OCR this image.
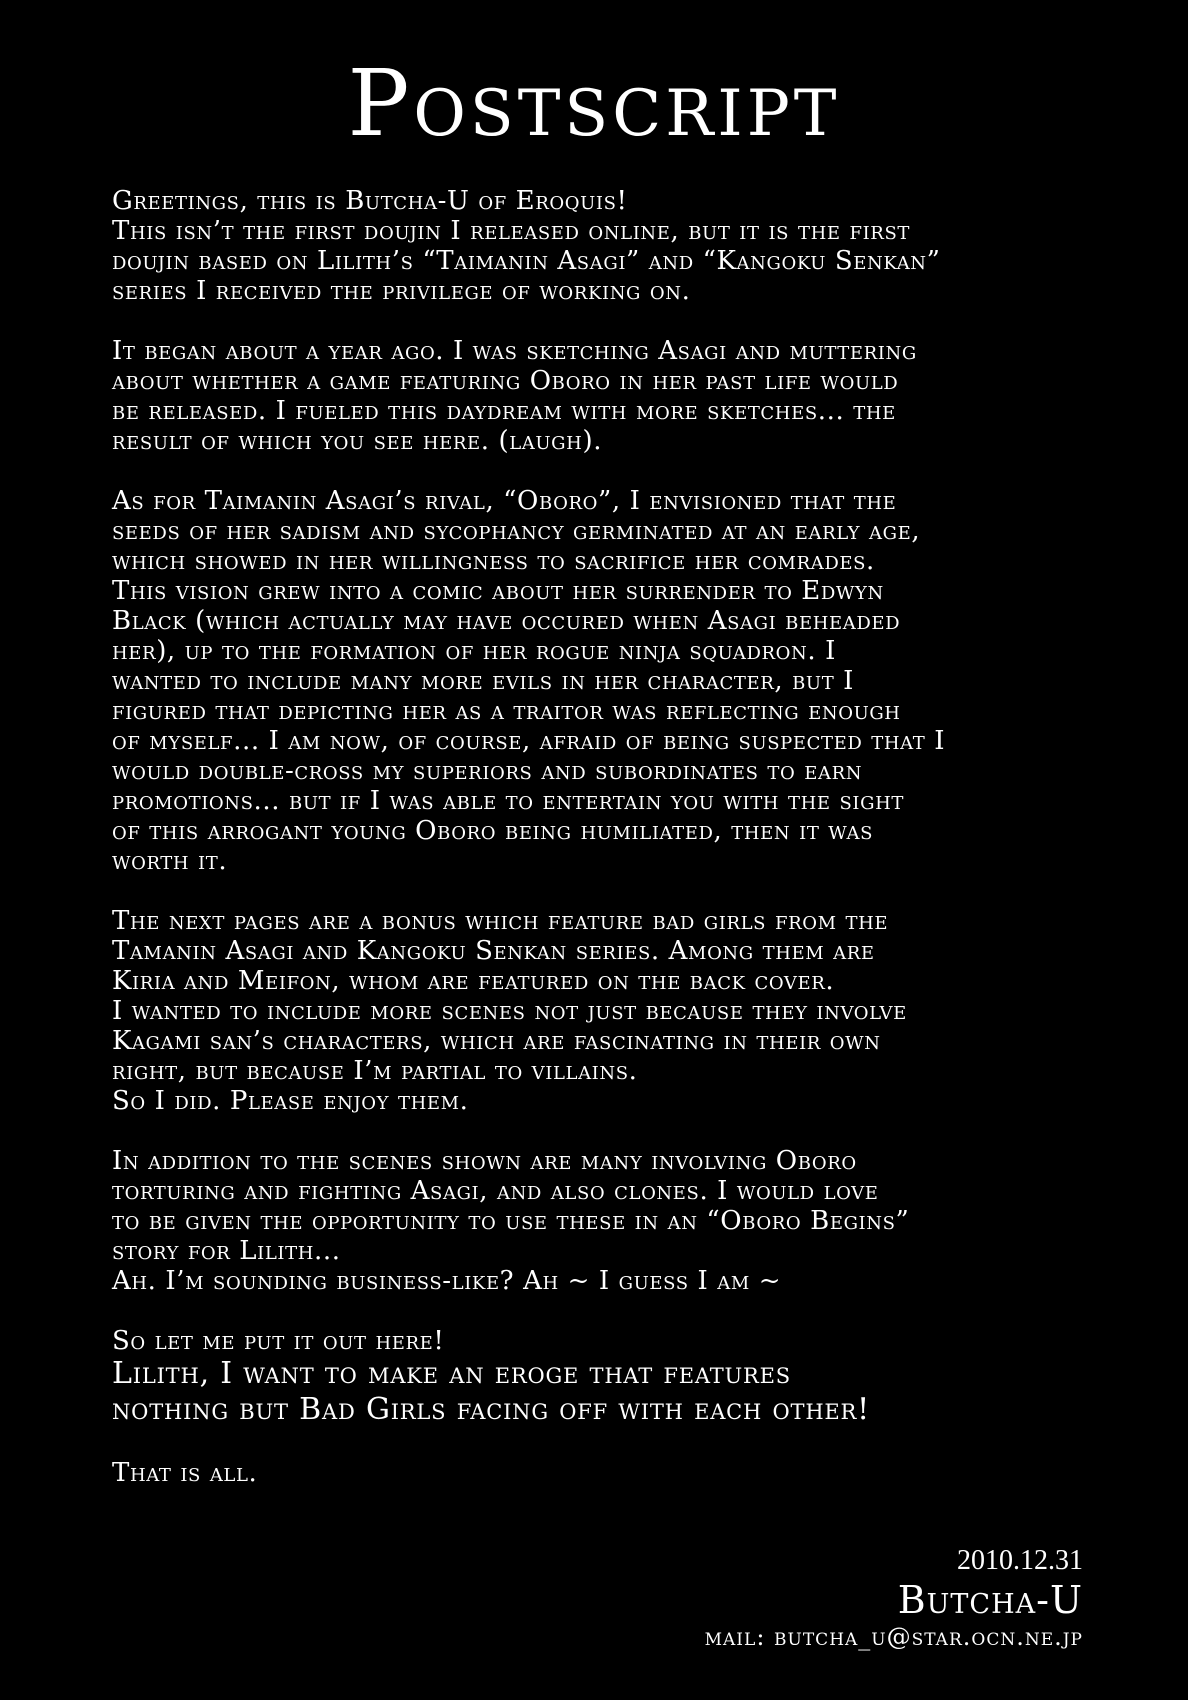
Postscript
Greetings, this is Butcha-U of Eroquis!
This isn’t the first doujin I released online, but it is the first
doujin based on Lilith’s “Taimanin Asagi” and “Kangoku Senkan”
series I received the privilege of working on.
It began about a year ago. I was sketching Asagi and muttering
about whether a game featuring Oboro in her past life would
be released. I fueled this daydream with more sketches... the
result of which you see here. (laugh).
As for Taimanin Asagi’s rival, “Oboro”, I envisioned that the
seeds of her sadism and sycophancy germinated at an early age,
which showed in her willingness to sacrifice her comrades.
This vision grew into a comic about her surrender to Edwyn
Black (which actually may have occured when Asagi beheaded
her), up to the formation of her rogue ninja squadron. I
wanted to include many more evils in her character, but I
figured that depicting her as a traitor was reflecting enough
of myself... I am now, of course, afraid of being suspected that I
would double-cross my superiors and subordinates to earn
promotions... but if I was able to entertain you with the sight
of this arrogant young Oboro being humiliated, then it was
worth it.
The next pages are a bonus which feature bad girls from the
Tamanin Asagi and Kangoku Senkan series. Among them are
Kiria and Meifon, whom are featured on the back cover.
I wanted to include more scenes not just because they involve
Kagami san’s characters, which are fascinating in their own
right, but because I’m partial to villains.
So I did. Please enjoy them.
In addition to the scenes shown are many involving Oboro
torturing and fighting Asagi, and also clones. I would love
to be given the opportunity to use these in an “Oboro Begins”
story for Lilith...
Ah. I’m sounding business-like? Ah ~ I guess I am ~
So let me put it out here!
Lilith, I want to make an eroge that features
nothing but Bad Girls facing off with each other!
That is all.
2010.12.31
Butcha-U
mail: butcha_u@star.ocn.ne.jp
